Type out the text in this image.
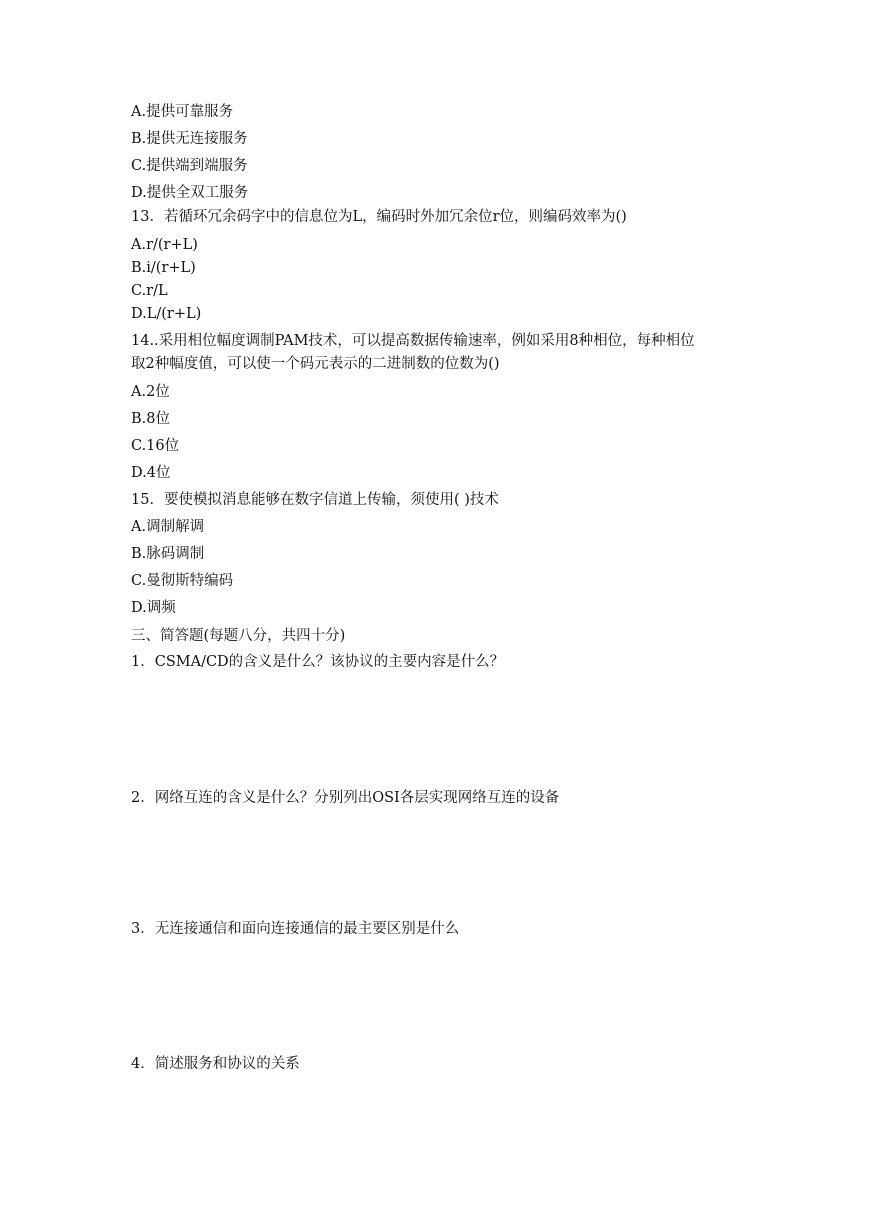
A.提供可靠服务
B.提供无连接服务
C.提供端到端服务
D.提供全双工服务
13．若循环冗余码字中的信息位为L，编码时外加冗余位r位，则编码效率为()
A.r/(r+L)
B.i/(r+L)
C.r/L
D.L/(r+L)
14..采用相位幅度调制PAM技术，可以提高数据传输速率，例如采用8种相位，每种相位
取2种幅度值，可以使一个码元表示的二进制数的位数为()
A.2位
B.8位
C.16位
D.4位
15．要使模拟消息能够在数字信道上传输，须使用( )技术
A.调制解调
B.脉码调制
C.曼彻斯特编码
D.调频
三、简答题(每题八分，共四十分)
1．CSMA/CD的含义是什么？该协议的主要内容是什么？
2．网络互连的含义是什么？分别列出OSI各层实现网络互连的设备
3．无连接通信和面向连接通信的最主要区别是什么
4．简述服务和协议的关系
